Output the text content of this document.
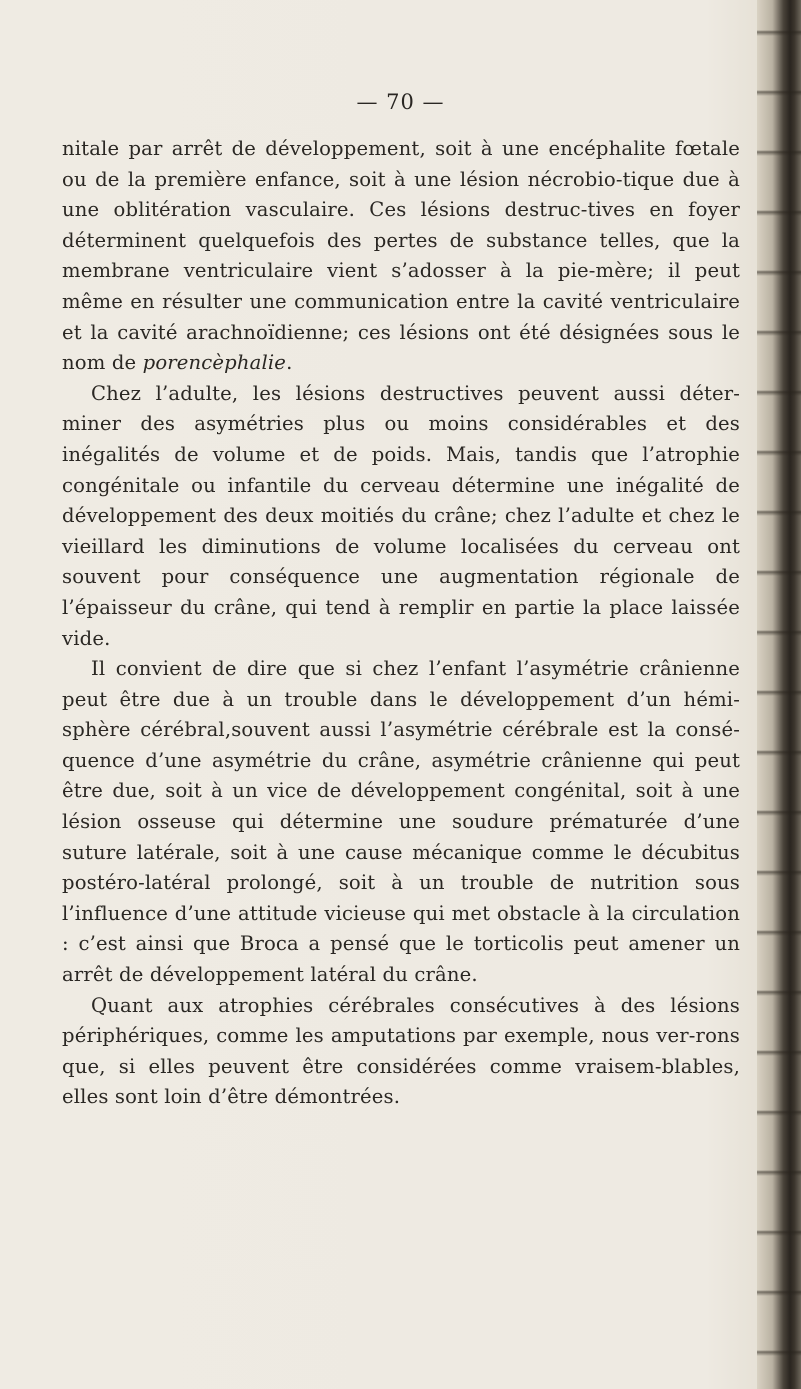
— 70 —

nitale par arrêt de développement, soit à une encéphalite fœtale ou de la première enfance, soit à une lésion nécrobio-tique due à une oblitération vasculaire. Ces lésions destruc-tives en foyer déterminent quelquefois des pertes de substance telles, que la membrane ventriculaire vient s’adosser à la pie-mère; il peut même en résulter une communication entre la cavité ventriculaire et la cavité arachnoïdienne; ces lésions ont été désignées sous le nom de porencèphalie.

Chez l’adulte, les lésions destructives peuvent aussi déter-miner des asymétries plus ou moins considérables et des inégalités de volume et de poids. Mais, tandis que l’atrophie congénitale ou infantile du cerveau détermine une inégalité de développement des deux moitiés du crâne; chez l’adulte et chez le vieillard les diminutions de volume localisées du cerveau ont souvent pour conséquence une augmentation régionale de l’épaisseur du crâne, qui tend à remplir en partie la place laissée vide.

Il convient de dire que si chez l’enfant l’asymétrie crânienne peut être due à un trouble dans le développement d’un hémi-sphère cérébral,souvent aussi l’asymétrie cérébrale est la consé-quence d’une asymétrie du crâne, asymétrie crânienne qui peut être due, soit à un vice de développement congénital, soit à une lésion osseuse qui détermine une soudure prématurée d’une suture latérale, soit à une cause mécanique comme le décubitus postéro-latéral prolongé, soit à un trouble de nutrition sous l’influence d’une attitude vicieuse qui met obstacle à la circulation : c’est ainsi que Broca a pensé que le torticolis peut amener un arrêt de développement latéral du crâne.

Quant aux atrophies cérébrales consécutives à des lésions périphériques, comme les amputations par exemple, nous ver-rons que, si elles peuvent être considérées comme vraisem-blables, elles sont loin d’être démontrées.
